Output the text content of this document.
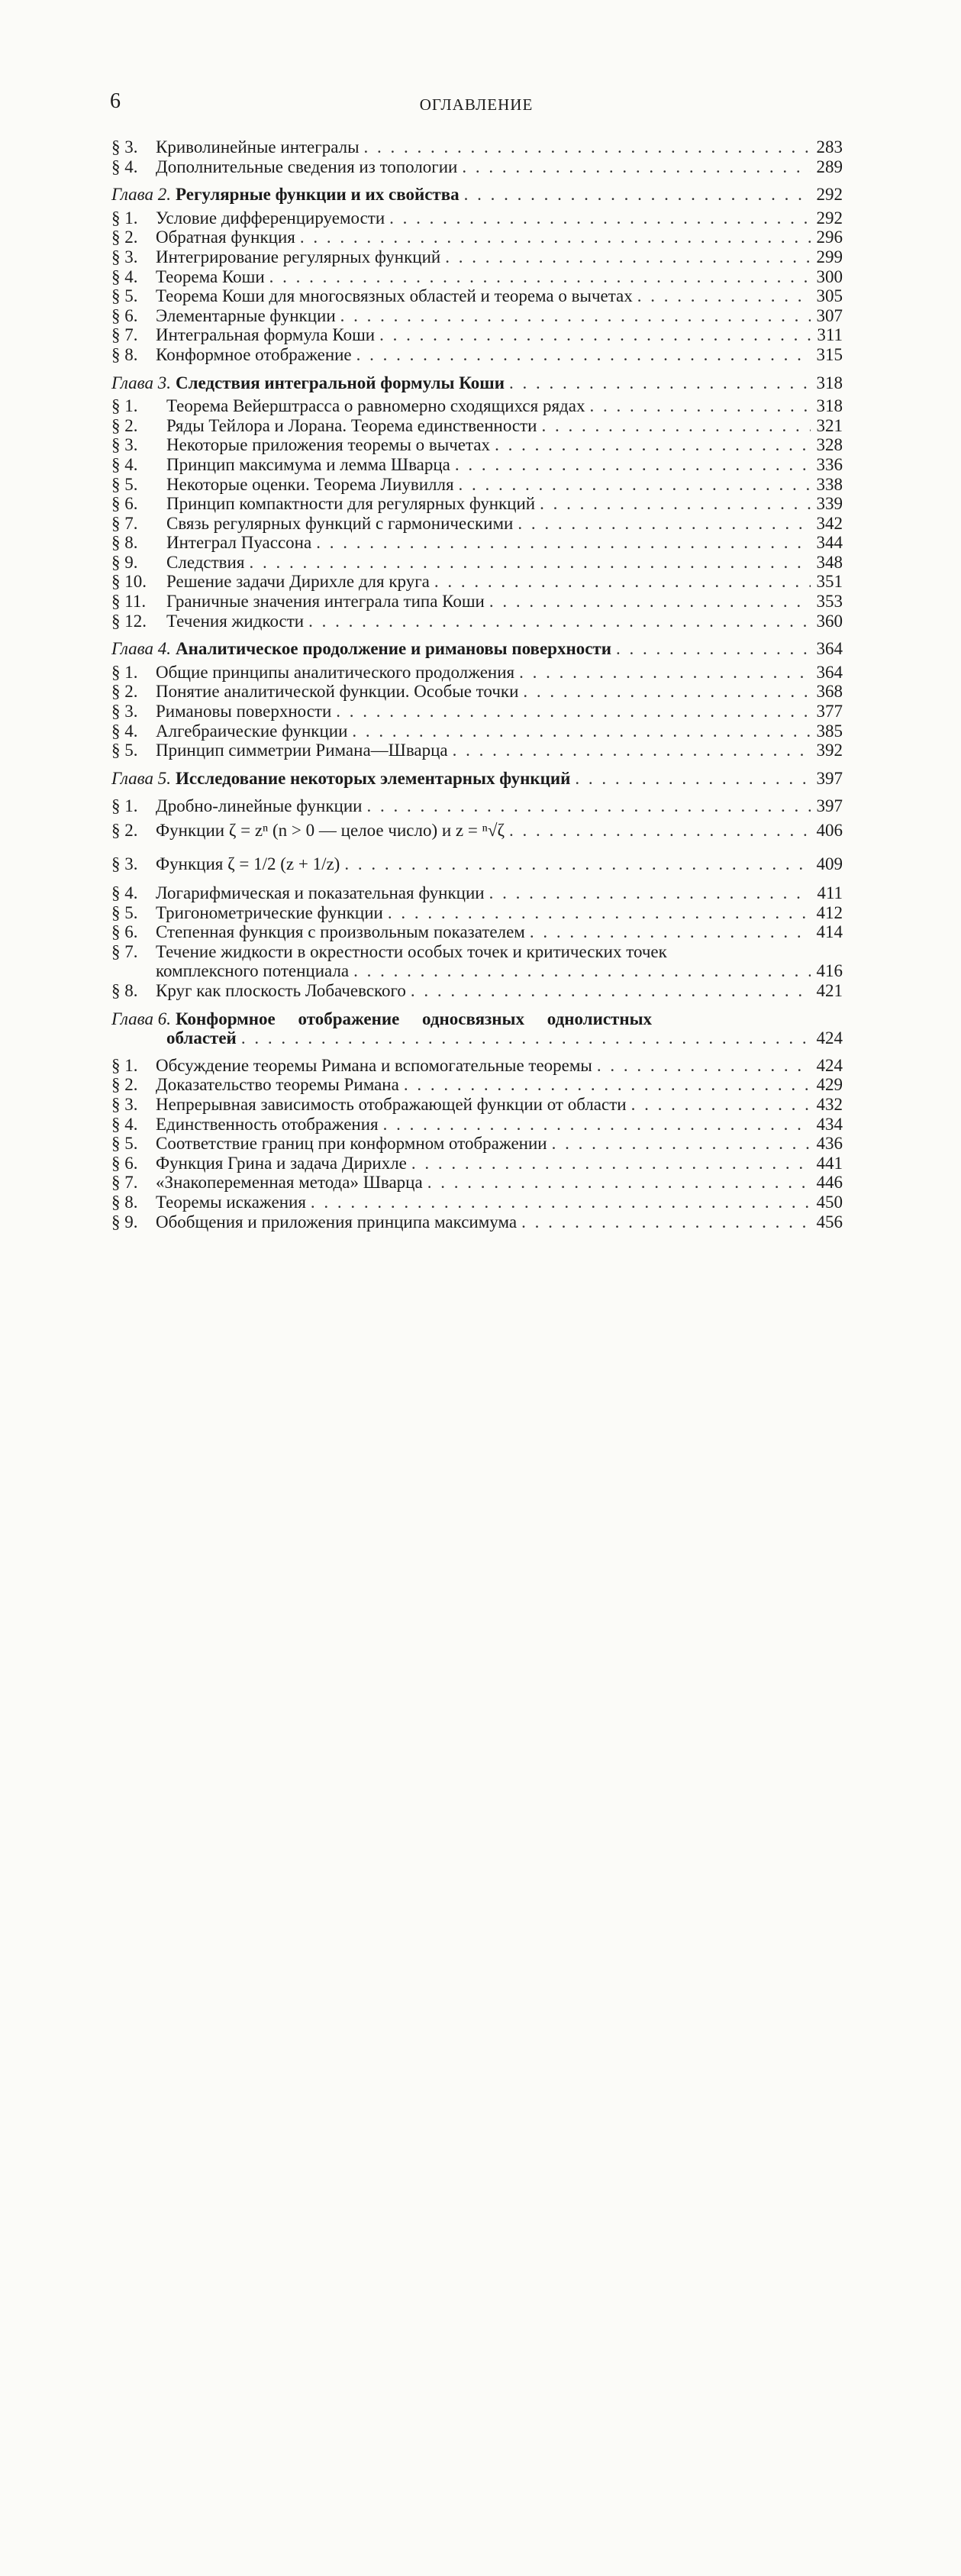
6	ОГЛАВЛЕНИЕ
§ 3.	Криволинейные интегралы . . .	283
§ 4.	Дополнительные сведения из топологии . . .	289
Глава 2. Регулярные функции и их свойства . . .	292
§ 1.	Условие дифференцируемости . . .	292
§ 2.	Обратная функция . . .	296
§ 3.	Интегрирование регулярных функций . . .	299
§ 4.	Теорема Коши . . .	300
§ 5.	Теорема Коши для многосвязных областей и теорема о вычетах . . .	305
§ 6.	Элементарные функции . . .	307
§ 7.	Интегральная формула Коши . . .	311
§ 8.	Конформное отображение . . .	315
Глава 3. Следствия интегральной формулы Коши . . .	318
§ 1.	Теорема Вейерштрасса о равномерно сходящихся рядах . . .	318
§ 2.	Ряды Тейлора и Лорана. Теорема единственности . . .	321
§ 3.	Некоторые приложения теоремы о вычетах . . .	328
§ 4.	Принцип максимума и лемма Шварца . . .	336
§ 5.	Некоторые оценки. Теорема Лиувилля . . .	338
§ 6.	Принцип компактности для регулярных функций . . .	339
§ 7.	Связь регулярных функций с гармоническими . . .	342
§ 8.	Интеграл Пуассона . . .	344
§ 9.	Следствия . . .	348
§ 10.	Решение задачи Дирихле для круга . . .	351
§ 11.	Граничные значения интеграла типа Коши . . .	353
§ 12.	Течения жидкости . . .	360
Глава 4. Аналитическое продолжение и римановы поверхности . . .	364
§ 1.	Общие принципы аналитического продолжения . . .	364
§ 2.	Понятие аналитической функции. Особые точки . . .	368
§ 3.	Римановы поверхности . . .	377
§ 4.	Алгебраические функции . . .	385
§ 5.	Принцип симметрии Римана—Шварца . . .	392
Глава 5. Исследование некоторых элементарных функций . . .	397
§ 1.	Дробно-линейные функции . . .	397
§ 2.	Функции ζ = zⁿ (n > 0 — целое число) и z = ⁿ√ζ . . .	406
§ 3.	Функция ζ = 1/2 (z + 1/z) . . .	409
§ 4.	Логарифмическая и показательная функции . . .	411
§ 5.	Тригонометрические функции . . .	412
§ 6.	Степенная функция с произвольным показателем . . .	414
§ 7.	Течение жидкости в окрестности особых точек и критических точек
комплексного потенциала . . .	416
§ 8.	Круг как плоскость Лобачевского . . .	421
Глава 6. Конформное отображение односвязных однолистных
областей . . .	424
§ 1.	Обсуждение теоремы Римана и вспомогательные теоремы . . .	424
§ 2.	Доказательство теоремы Римана . . .	429
§ 3.	Непрерывная зависимость отображающей функции от области . . .	432
§ 4.	Единственность отображения . . .	434
§ 5.	Соответствие границ при конформном отображении . . .	436
§ 6.	Функция Грина и задача Дирихле . . .	441
§ 7.	«Знакопеременная метода» Шварца . . .	446
§ 8.	Теоремы искажения . . .	450
§ 9.	Обобщения и приложения принципа максимума . . .	456
